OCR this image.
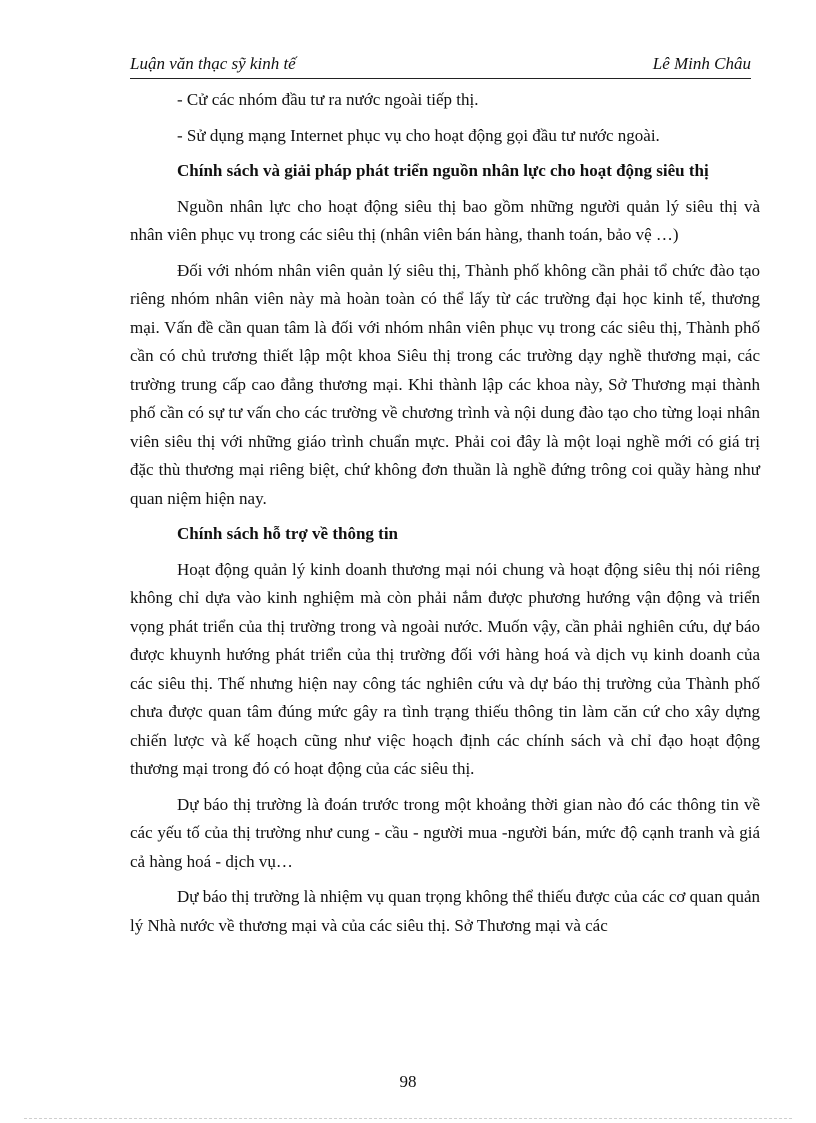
Luận văn thạc sỹ kinh tế	Lê Minh Châu

- Cử các nhóm đầu tư ra nước ngoài tiếp thị.

- Sử dụng mạng Internet phục vụ cho hoạt động gọi đầu tư nước ngoài.

Chính sách và giải pháp phát triển nguồn nhân lực cho hoạt động siêu thị

Nguồn nhân lực cho hoạt động siêu thị bao gồm những người quản lý siêu thị và nhân viên phục vụ trong các siêu thị (nhân viên bán hàng, thanh toán, bảo vệ …)

Đối với nhóm nhân viên quản lý siêu thị, Thành phố không cần phải tổ chức đào tạo riêng nhóm nhân viên này mà hoàn toàn có thể lấy từ các trường đại học kinh tế, thương mại. Vấn đề cần quan tâm là đối với nhóm nhân viên phục vụ trong các siêu thị, Thành phố cần có chủ trương thiết lập một khoa Siêu thị trong các trường dạy nghề thương mại, các trường trung cấp cao đẳng thương mại. Khi thành lập các khoa này, Sở Thương mại thành phố cần có sự tư vấn cho các trường về chương trình và nội dung đào tạo cho từng loại nhân viên siêu thị với những giáo trình chuẩn mực. Phải coi đây là một loại nghề mới có giá trị đặc thù thương mại riêng biệt, chứ không đơn thuần là nghề đứng trông coi quầy hàng như quan niệm hiện nay.

Chính sách hỗ trợ về thông tin

Hoạt động quản lý kinh doanh thương mại nói chung và hoạt động siêu thị nói riêng không chỉ dựa vào kinh nghiệm mà còn phải nắm được phương hướng vận động và triển vọng phát triển của thị trường trong và ngoài nước. Muốn vậy, cần phải nghiên cứu, dự báo được khuynh hướng phát triển của thị trường đối với hàng hoá và dịch vụ kinh doanh của các siêu thị. Thế nhưng hiện nay công tác nghiên cứu và dự báo thị trường của Thành phố chưa được quan tâm đúng mức gây ra tình trạng thiếu thông tin làm căn cứ cho xây dựng chiến lược và kế hoạch cũng như việc hoạch định các chính sách và chỉ đạo hoạt động thương mại trong đó có hoạt động của các siêu thị.

Dự báo thị trường là đoán trước trong một khoảng thời gian nào đó các thông tin về các yếu tố của thị trường như cung - cầu - người mua -người bán, mức độ cạnh tranh và giá cả hàng hoá - dịch vụ…

Dự báo thị trường là nhiệm vụ quan trọng không thể thiếu được của các cơ quan quản lý Nhà nước về thương mại và của các siêu thị. Sở Thương mại và các

98
